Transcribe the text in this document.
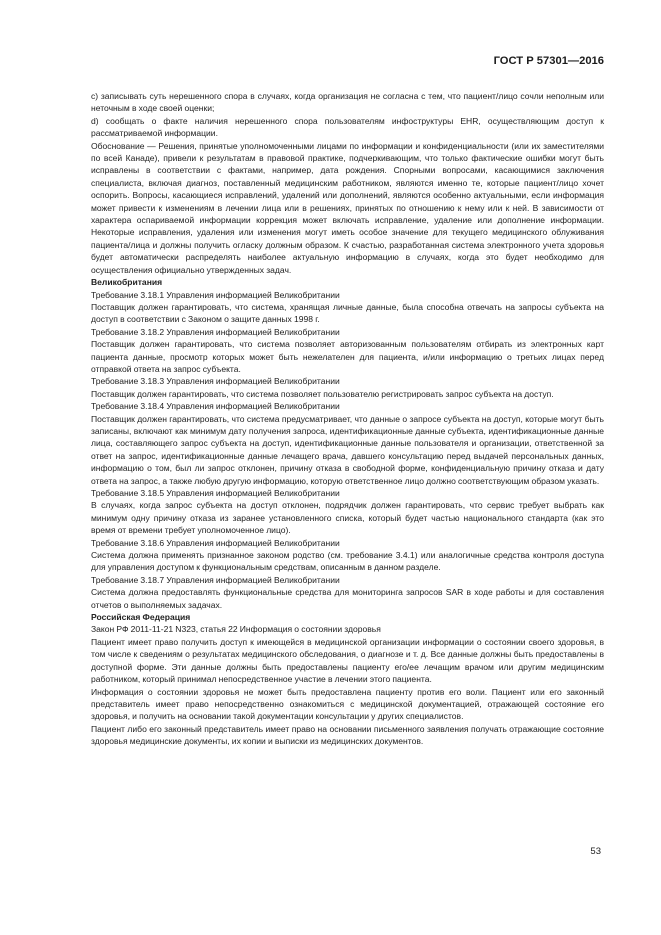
ГОСТ Р 57301—2016

с) записывать суть нерешенного спора в случаях, когда организация не согласна с тем, что пациент/лицо сочли неполным или неточным в ходе своей оценки;

d) сообщать о факте наличия нерешенного спора пользователям инфоструктуры EHR, осуществляющим доступ к рассматриваемой информации.

Обоснование — Решения, принятые уполномоченными лицами по информации и конфиденциальности (или их заместителями по всей Канаде), привели к результатам в правовой практике, подчеркивающим, что только фактические ошибки могут быть исправлены в соответствии с фактами, например, дата рождения. Спорными вопросами, касающимися заключения специалиста, включая диагноз, поставленный медицинским работником, являются именно те, которые пациент/лицо хочет оспорить. Вопросы, касающиеся исправлений, удалений или дополнений, являются особенно актуальными, если информация может привести к изменениям в лечении лица или в решениях, принятых по отношению к нему или к ней. В зависимости от характера оспариваемой информации коррекция может включать исправление, удаление или дополнение информации. Некоторые исправления, удаления или изменения могут иметь особое значение для текущего медицинского облуживания пациента/лица и должны получить огласку должным образом. К счастью, разработанная система электронного учета здоровья будет автоматически распределять наиболее актуальную информацию в случаях, когда это будет необходимо для осуществления официально утвержденных задач.

Великобритания

Требование 3.18.1 Управления информацией Великобритании

Поставщик должен гарантировать, что система, хранящая личные данные, была способна отвечать на запросы субъекта на доступ в соответствии с Законом о защите данных 1998 г.

Требование 3.18.2 Управления информацией Великобритании

Поставщик должен гарантировать, что система позволяет авторизованным пользователям отбирать из электронных карт пациента данные, просмотр которых может быть нежелателен для пациента, и/или информацию о третьих лицах перед отправкой ответа на запрос субъекта.

Требование 3.18.3 Управления информацией Великобритании

Поставщик должен гарантировать, что система позволяет пользователю регистрировать запрос субъекта на доступ.

Требование 3.18.4 Управления информацией Великобритании

Поставщик должен гарантировать, что система предусматривает, что данные о запросе субъекта на доступ, которые могут быть записаны, включают как минимум дату получения запроса, идентификационные данные субъекта, идентификационные данные лица, составляющего запрос субъекта на доступ, идентификационные данные пользователя и организации, ответственной за ответ на запрос, идентификационные данные лечащего врача, давшего консультацию перед выдачей персональных данных, информацию о том, был ли запрос отклонен, причину отказа в свободной форме, конфиденциальную причину отказа и дату ответа на запрос, а также любую другую информацию, которую ответственное лицо должно соответствующим образом указать.

Требование 3.18.5 Управления информацией Великобритании

В случаях, когда запрос субъекта на доступ отклонен, подрядчик должен гарантировать, что сервис требует выбрать как минимум одну причину отказа из заранее установленного списка, который будет частью национального стандарта (как это время от времени требует уполномоченное лицо).

Требование 3.18.6 Управления информацией Великобритании

Система должна применять признанное законом родство (см. требование 3.4.1) или аналогичные средства контроля доступа для управления доступом к функциональным средствам, описанным в данном разделе.

Требование 3.18.7 Управления информацией Великобритании

Система должна предоставлять функциональные средства для мониторинга запросов SAR в ходе работы и для составления отчетов о выполняемых задачах.

Российская Федерация

Закон РФ 2011-11-21 N323, статья 22 Информация о состоянии здоровья

Пациент имеет право получить доступ к имеющейся в медицинской организации информации о состоянии своего здоровья, в том числе к сведениям о результатах медицинского обследования, о диагнозе и т. д. Все данные должны быть предоставлены в доступной форме. Эти данные должны быть предоставлены пациенту его/ее лечащим врачом или другим медицинским работником, который принимал непосредственное участие в лечении этого пациента.

Информация о состоянии здоровья не может быть предоставлена пациенту против его воли. Пациент или его законный представитель имеет право непосредственно ознакомиться с медицинской документацией, отражающей состояние его здоровья, и получить на основании такой документации консультации у других специалистов.

Пациент либо его законный представитель имеет право на основании письменного заявления получать отражающие состояние здоровья медицинские документы, их копии и выписки из медицинских документов.

53
